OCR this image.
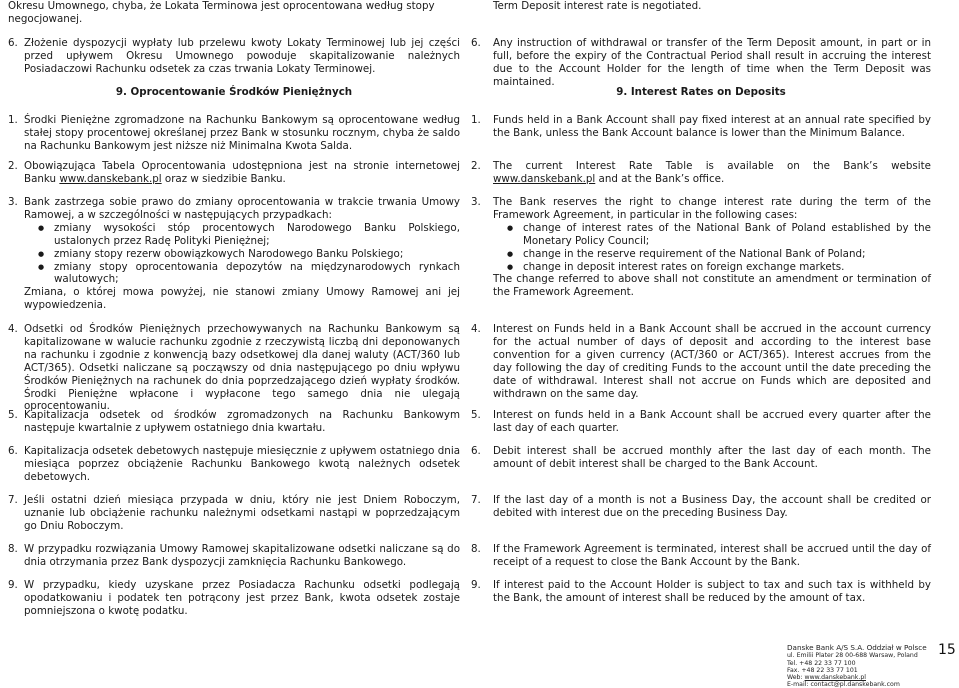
Okresu Umownego, chyba, że Lokata Terminowa jest oprocentowana według stopy
negocjowanej.

6. Złożenie dyspozycji wypłaty lub przelewu kwoty Lokaty Terminowej lub jej części przed upływem Okresu Umownego powoduje skapitalizowanie należnych Posiadaczowi Rachunku odsetek za czas trwania Lokaty Terminowej.

9. Oprocentowanie Środków Pieniężnych

1. Środki Pieniężne zgromadzone na Rachunku Bankowym są oprocentowane według stałej stopy procentowej określanej przez Bank w stosunku rocznym, chyba że saldo na Rachunku Bankowym jest niższe niż Minimalna Kwota Salda.
2. Obowiązująca Tabela Oprocentowania udostępniona jest na stronie internetowej Banku www.danskebank.pl oraz w siedzibie Banku.
3. Bank zastrzega sobie prawo do zmiany oprocentowania w trakcie trwania Umowy Ramowej, a w szczególności w następujących przypadkach:
● zmiany wysokości stóp procentowych Narodowego Banku Polskiego, ustalonych przez Radę Polityki Pieniężnej;
● zmiany stopy rezerw obowiązkowych Narodowego Banku Polskiego;
● zmiany stopy oprocentowania depozytów na międzynarodowych rynkach walutowych;

Zmiana, o której mowa powyżej, nie stanowi zmiany Umowy Ramowej ani jej wypowiedzenia.

4. Odsetki od Środków Pieniężnych przechowywanych na Rachunku Bankowym są kapitalizowane w walucie rachunku zgodnie z rzeczywistą liczbą dni deponowanych na rachunku i zgodnie z konwencją bazy odsetkowej dla danej waluty (ACT/360 lub ACT/365). Odsetki naliczane są począwszy od dnia następującego po dniu wpływu Środków Pieniężnych na rachunek do dnia poprzedzającego dzień wypłaty środków. Środki Pieniężne wpłacone i wypłacone tego samego dnia nie ulegają oprocentowaniu.
5. Kapitalizacja odsetek od środków zgromadzonych na Rachunku Bankowym następuje kwartalnie z upływem ostatniego dnia kwartału.
6. Kapitalizacja odsetek debetowych następuje miesięcznie z upływem ostatniego dnia miesiąca poprzez obciążenie Rachunku Bankowego kwotą należnych odsetek debetowych.
7. Jeśli ostatni dzień miesiąca przypada w dniu, który nie jest Dniem Roboczym, uznanie lub obciążenie rachunku należnymi odsetkami nastąpi w poprzedzającym go Dniu Roboczym.
8. W przypadku rozwiązania Umowy Ramowej skapitalizowane odsetki naliczane są do dnia otrzymania przez Bank dyspozycji zamknięcia Rachunku Bankowego.
9. W przypadku, kiedy uzyskane przez Posiadacza Rachunku odsetki podlegają opodatkowaniu i podatek ten potrącony jest przez Bank, kwota odsetek zostaje pomniejszona o kwotę podatku.

Term Deposit interest rate is negotiated.

6.	Any instruction of withdrawal or transfer of the Term Deposit amount, in part or in full, before the expiry of the Contractual Period shall result in accruing the interest due to the Account Holder for the length of time when the Term Deposit was maintained.

9. Interest Rates on Deposits

1.	Funds held in a Bank Account shall pay fixed interest at an annual rate specified by the Bank, unless the Bank Account balance is lower than the Minimum Balance.
2.	The current Interest Rate Table is available on the Bank’s website www.danskebank.pl and at the Bank’s office.
3.	The Bank reserves the right to change interest rate during the term of the Framework Agreement, in particular in the following cases:
● change of interest rates of the National Bank of Poland established by the Monetary Policy Council;
● change in the reserve requirement of the National Bank of Poland;
● change in deposit interest rates on foreign exchange markets.

The change referred to above shall not constitute an amendment or termination of the Framework Agreement.

4.	Interest on Funds held in a Bank Account shall be accrued in the account currency for the actual number of days of deposit and according to the interest base convention for a given currency (ACT/360 or ACT/365). Interest accrues from the day following the day of crediting Funds to the account until the date preceding the date of withdrawal. Interest shall not accrue on Funds which are deposited and withdrawn on the same day.
5.	Interest on funds held in a Bank Account shall be accrued every quarter after the last day of each quarter.
6.	Debit interest shall be accrued monthly after the last day of each month. The amount of debit interest shall be charged to the Bank Account.
7.	If the last day of a month is not a Business Day, the account shall be credited or debited with interest due on the preceding Business Day.
8.	If the Framework Agreement is terminated, interest shall be accrued until the day of receipt of a request to close the Bank Account by the Bank.
9.	If interest paid to the Account Holder is subject to tax and such tax is withheld by the Bank, the amount of interest shall be reduced by the amount of tax.
Danske Bank A/S S.A. Oddział w Polsce
ul. Emilii Plater 28 00-688 Warsaw, Poland
Tel. +48 22 33 77 100
Fax. +48 22 33 77 101
Web: www.danskebank.pl
E-mail: contact@pl.danskebank.com
15
